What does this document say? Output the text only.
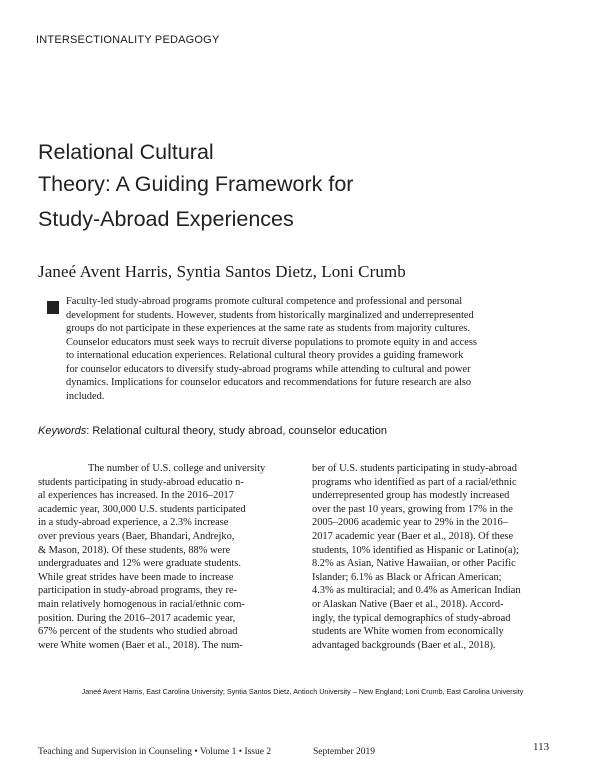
INTERSECTIONALITY PEDAGOGY
Relational Cultural
Theory: A Guiding Framework for
Study-Abroad Experiences
Janeé Avent Harris, Syntia Santos Dietz, Loni Crumb
Faculty-led study-abroad programs promote cultural competence and professional and personal
development for students. However, students from historically marginalized and underrepresented
groups do not participate in these experiences at the same rate as students from majority cultures.
Counselor educators must seek ways to recruit diverse populations to promote equity in and access
to international education experiences. Relational cultural theory provides a guiding framework
for counselor educators to diversify study-abroad programs while attending to cultural and power
dynamics. Implications for counselor educators and recommendations for future research are also
included.
Keywords: Relational cultural theory, study abroad, counselor education
The number of U.S. college and university
students participating in study-abroad educatio n-
al experiences has increased. In the 2016–2017
academic year, 300,000 U.S. students participated
in a study-abroad experience, a 2.3% increase
over previous years (Baer, Bhandari, Andrejko,
& Mason, 2018). Of these students, 88% were
undergraduates and 12% were graduate students.
While great strides have been made to increase
participation in study-abroad programs, they re-
main relatively homogenous in racial/ethnic com-
position. During the 2016–2017 academic year,
67% percent of the students who studied abroad
were White women (Baer et al., 2018). The num-
ber of U.S. students participating in study-abroad
programs who identified as part of a racial/ethnic
underrepresented group has modestly increased
over the past 10 years, growing from 17% in the
2005–2006 academic year to 29% in the 2016–
2017 academic year (Baer et al., 2018). Of these
students, 10% identified as Hispanic or Latino(a);
8.2% as Asian, Native Hawaiian, or other Pacific
Islander; 6.1% as Black or African American;
4.3% as multiracial; and 0.4% as American Indian
or Alaskan Native (Baer et al., 2018). Accord-
ingly, the typical demographics of study-abroad
students are White women from economically
advantaged backgrounds (Baer et al., 2018).
Janeé Avent Harris, East Carolina University; Syntia Santos Dietz, Antioch University – New England; Loni Crumb, East Carolina University
Teaching and Supervision in Counseling • Volume 1 • Issue 2	September 2019	113
